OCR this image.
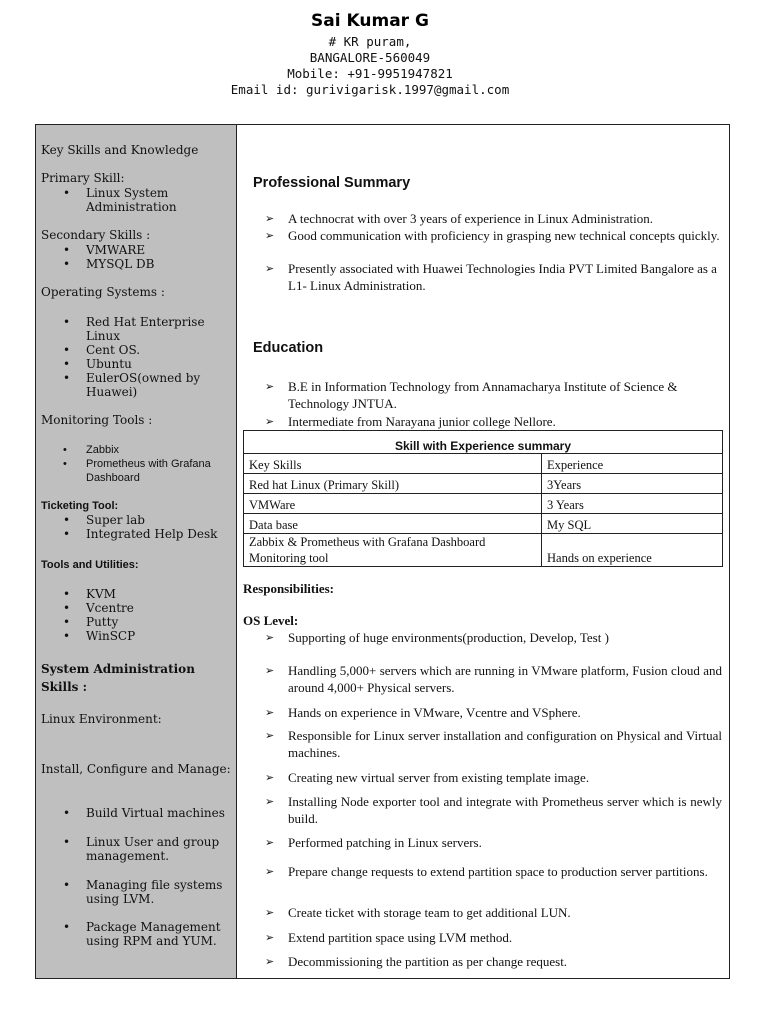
Sai Kumar G
# KR puram,
BANGALORE-560049
Mobile: +91-9951947821
Email id: gurivigarisk.1997@gmail.com
Key Skills and Knowledge
Primary Skill:
• Linux System Administration
Secondary Skills :
• VMWARE
• MYSQL DB
Operating Systems :
• Red Hat Enterprise Linux
• Cent OS.
• Ubuntu
• EulerOS(owned by Huawei)
Monitoring Tools :
• Zabbix
• Prometheus with Grafana Dashboard
Ticketing Tool:
• Super lab
• Integrated Help Desk
Tools and Utilities:
• KVM
• Vcentre
• Putty
• WinSCP
System Administration Skills :
Linux Environment:
Install, Configure and Manage:
• Build Virtual machines
• Linux User and group management.
• Managing file systems using LVM.
• Package Management using RPM and YUM.
Professional Summary
➢ A technocrat with over 3 years of experience in Linux Administration.
➢ Good communication with proficiency in grasping new technical concepts quickly.
➢ Presently associated with Huawei Technologies India PVT Limited Bangalore as a L1- Linux Administration.
Education
➢ B.E in Information Technology from Annamacharya Institute of Science & Technology JNTUA.
➢ Intermediate from Narayana junior college Nellore.
Skill with Experience summary	
Key Skills	Experience
Red hat Linux (Primary Skill)	3Years
VMWare	3 Years
Data base	My SQL
Zabbix & Prometheus with Grafana Dashboard Monitoring tool	Hands on experience
Responsibilities:
OS Level:
➢ Supporting of huge environments(production, Develop, Test )
➢ Handling 5,000+ servers which are running in VMware platform, Fusion cloud and around 4,000+ Physical servers.
➢ Hands on experience in VMware, Vcentre and VSphere.
➢ Responsible for Linux server installation and configuration on Physical and Virtual machines.
➢ Creating new virtual server from existing template image.
➢ Installing Node exporter tool and integrate with Prometheus server which is newly build.
➢ Performed patching in Linux servers.
➢ Prepare change requests to extend partition space to production server partitions.
➢ Create ticket with storage team to get additional LUN.
➢ Extend partition space using LVM method.
➢ Decommissioning the partition as per change request.
